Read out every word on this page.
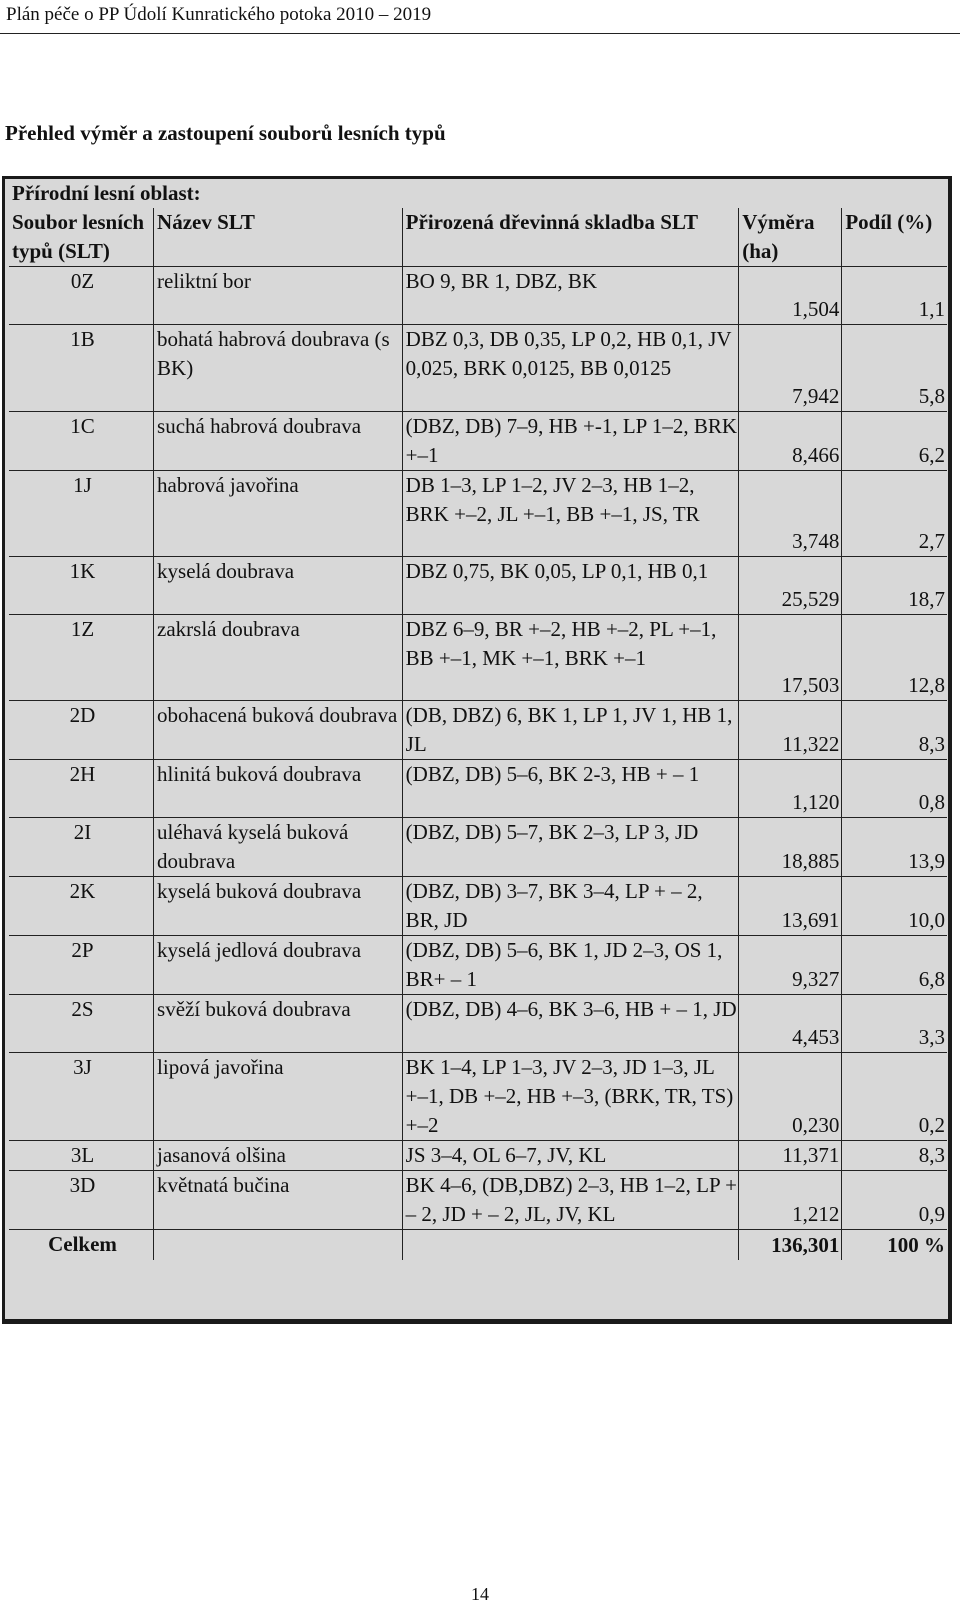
Plán péče o PP Údolí Kunratického potoka 2010 – 2019
Přehled výměr a zastoupení souborů lesních typů
Přírodní lesní oblast:				
Soubor lesních typů (SLT)	Název SLT	Přirozená dřevinná skladba SLT	Výměra (ha)	Podíl (%)
0Z	reliktní bor	BO 9, BR 1, DBZ, BK	1,504	1,1
1B	bohatá habrová doubrava (s BK)	DBZ 0,3, DB 0,35, LP 0,2, HB 0,1, JV 0,025, BRK 0,0125, BB 0,0125	7,942	5,8
1C	suchá habrová doubrava	(DBZ, DB) 7–9, HB +-1, LP 1–2, BRK +–1	8,466	6,2
1J	habrová javořina	DB 1–3, LP 1–2, JV 2–3, HB 1–2, BRK +–2, JL +–1, BB +–1, JS, TR	3,748	2,7
1K	kyselá doubrava	DBZ 0,75, BK 0,05, LP 0,1, HB 0,1	25,529	18,7
1Z	zakrslá doubrava	DBZ 6–9, BR +–2, HB +–2, PL +–1, BB +–1, MK +–1, BRK +–1	17,503	12,8
2D	obohacená buková doubrava	(DB, DBZ) 6, BK 1, LP 1, JV 1, HB 1, JL	11,322	8,3
2H	hlinitá buková doubrava	(DBZ, DB) 5–6, BK 2-3, HB + – 1	1,120	0,8
2I	uléhavá kyselá buková doubrava	(DBZ, DB) 5–7, BK 2–3, LP 3, JD	18,885	13,9
2K	kyselá buková doubrava	(DBZ, DB) 3–7, BK 3–4, LP + – 2, BR, JD	13,691	10,0
2P	kyselá jedlová doubrava	(DBZ, DB) 5–6, BK 1, JD 2–3, OS 1, BR+ – 1	9,327	6,8
2S	svěží buková doubrava	(DBZ, DB) 4–6, BK 3–6, HB + – 1, JD	4,453	3,3
3J	lipová javořina	BK 1–4, LP 1–3, JV 2–3, JD 1–3, JL +–1, DB +–2, HB +–3, (BRK, TR, TS) +–2	0,230	0,2
3L	jasanová olšina	JS 3–4, OL 6–7, JV, KL	11,371	8,3
3D	květnatá bučina	BK 4–6, (DB,DBZ) 2–3, HB 1–2, LP + – 2, JD + – 2, JL, JV, KL	1,212	0,9
Celkem			136,301	100 %
14
